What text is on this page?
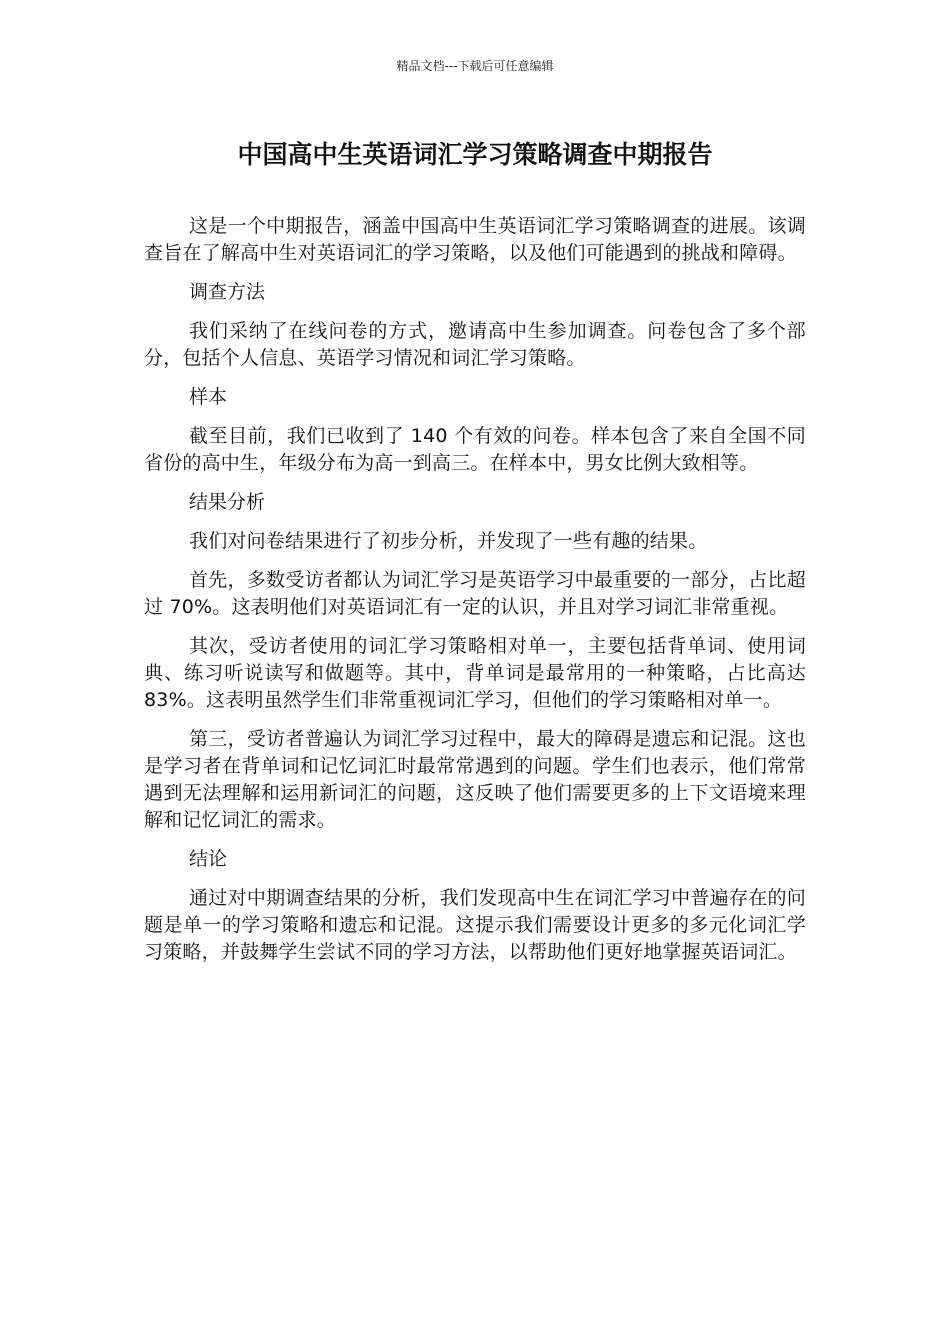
精品文档---下载后可任意编辑
中国高中生英语词汇学习策略调查中期报告

这是一个中期报告，涵盖中国高中生英语词汇学习策略调查的进展。该调查旨在了解高中生对英语词汇的学习策略，以及他们可能遇到的挑战和障碍。

调查方法

我们采纳了在线问卷的方式，邀请高中生参加调查。问卷包含了多个部分，包括个人信息、英语学习情况和词汇学习策略。

样本

截至目前，我们已收到了 140 个有效的问卷。样本包含了来自全国不同省份的高中生，年级分布为高一到高三。在样本中，男女比例大致相等。

结果分析

我们对问卷结果进行了初步分析，并发现了一些有趣的结果。

首先，多数受访者都认为词汇学习是英语学习中最重要的一部分，占比超过 70%。这表明他们对英语词汇有一定的认识，并且对学习词汇非常重视。

其次，受访者使用的词汇学习策略相对单一，主要包括背单词、使用词典、练习听说读写和做题等。其中，背单词是最常用的一种策略，占比高达 83%。这表明虽然学生们非常重视词汇学习，但他们的学习策略相对单一。

第三，受访者普遍认为词汇学习过程中，最大的障碍是遗忘和记混。这也是学习者在背单词和记忆词汇时最常常遇到的问题。学生们也表示，他们常常遇到无法理解和运用新词汇的问题，这反映了他们需要更多的上下文语境来理解和记忆词汇的需求。

结论

通过对中期调查结果的分析，我们发现高中生在词汇学习中普遍存在的问题是单一的学习策略和遗忘和记混。这提示我们需要设计更多的多元化词汇学习策略，并鼓舞学生尝试不同的学习方法，以帮助他们更好地掌握英语词汇。
